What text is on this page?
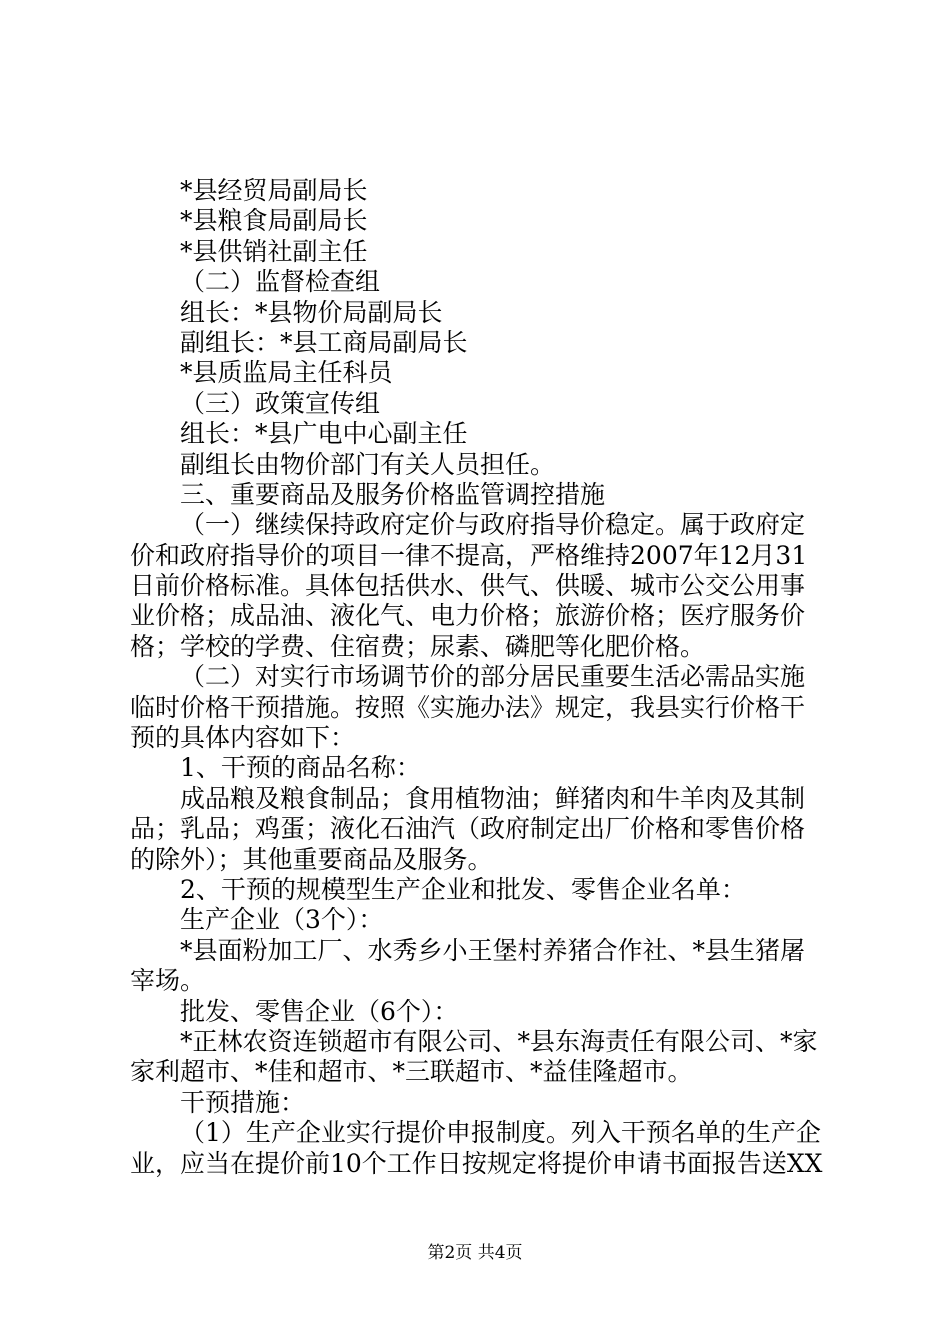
*县经贸局副局长
*县粮食局副局长
*县供销社副主任
（二）监督检查组
组长：*县物价局副局长
副组长：*县工商局副局长
*县质监局主任科员
（三）政策宣传组
组长：*县广电中心副主任
副组长由物价部门有关人员担任。
三、重要商品及服务价格监管调控措施
（一）继续保持政府定价与政府指导价稳定。属于政府定
价和政府指导价的项目一律不提高，严格维持2007年12月31
日前价格标准。具体包括供水、供气、供暖、城市公交公用事
业价格；成品油、液化气、电力价格；旅游价格；医疗服务价
格；学校的学费、住宿费；尿素、磷肥等化肥价格。
（二）对实行市场调节价的部分居民重要生活必需品实施
临时价格干预措施。按照《实施办法》规定，我县实行价格干
预的具体内容如下：
1、干预的商品名称：
成品粮及粮食制品；食用植物油；鲜猪肉和牛羊肉及其制
品；乳品；鸡蛋；液化石油汽（政府制定出厂价格和零售价格
的除外）；其他重要商品及服务。
2、干预的规模型生产企业和批发、零售企业名单：
生产企业（3个）：
*县面粉加工厂、水秀乡小王堡村养猪合作社、*县生猪屠
宰场。
批发、零售企业（6个）：
*正林农资连锁超市有限公司、*县东海责任有限公司、*家
家利超市、*佳和超市、*三联超市、*益佳隆超市。
干预措施：
（1）生产企业实行提价申报制度。列入干预名单的生产企
业，应当在提价前10个工作日按规定将提价申请书面报告送XX
第2页 共4页
